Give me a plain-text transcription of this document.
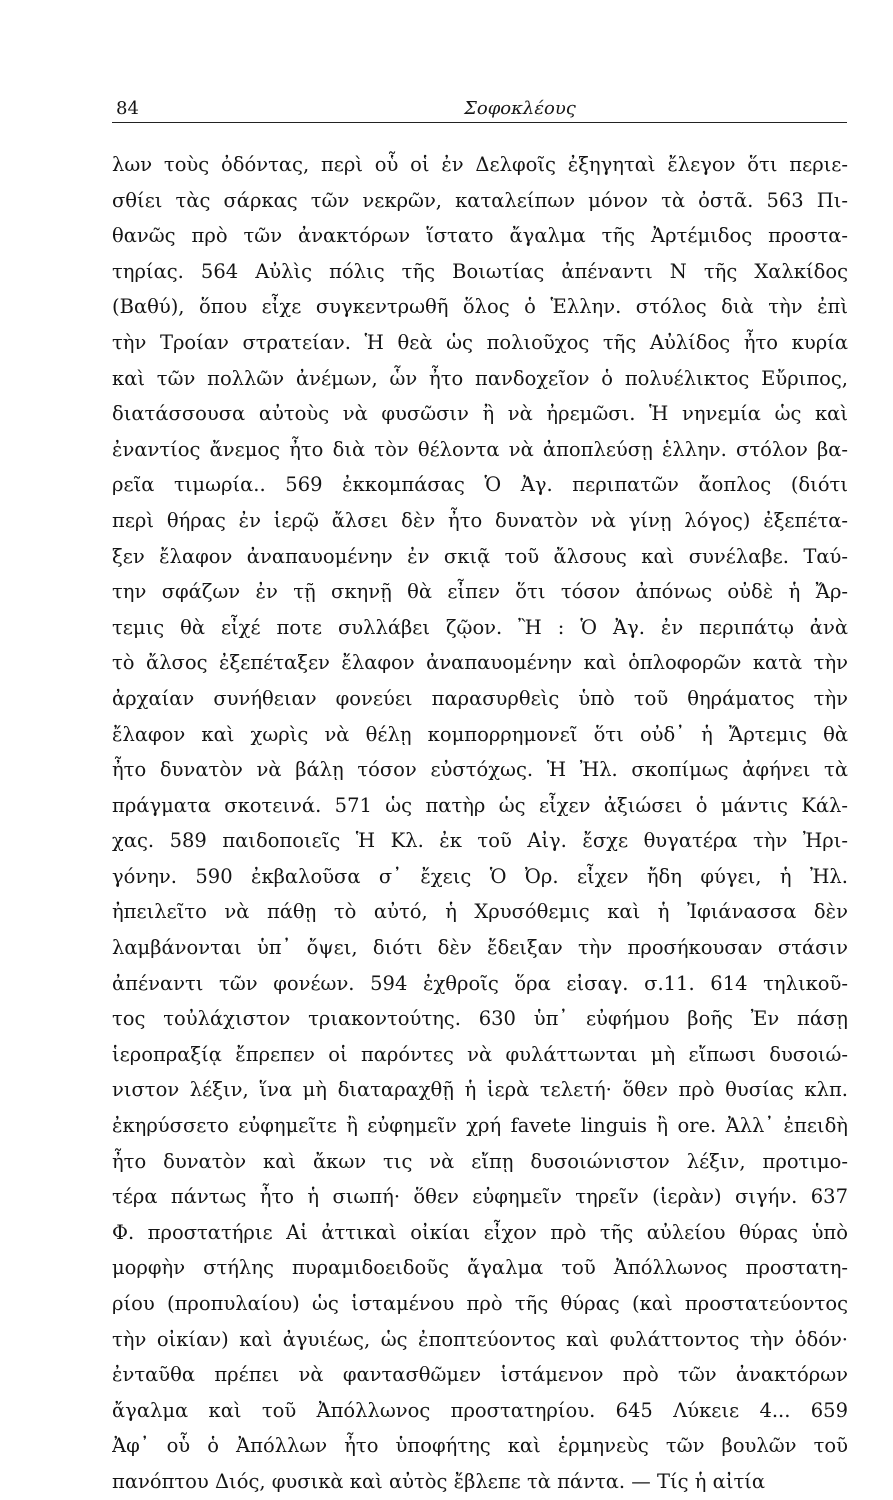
84	Σοφοκλέους
λων τοὺς ὀδόντας, περὶ οὗ οἱ ἐν Δελφοῖς ἐξηγηταὶ ἔλεγον ὅτι περιε-
σθίει τὰς σάρκας τῶν νεκρῶν, καταλείπων μόνον τὰ ὀστᾶ. 563 Πι-
θανῶς πρὸ τῶν ἀνακτόρων ἵστατο ἄγαλμα τῆς Ἀρτέμιδος προστα-
τηρίας. 564 Αὐλὶς πόλις τῆς Βοιωτίας ἀπέναντι Ν τῆς Χαλκίδος
(Βαθύ), ὅπου εἶχε συγκεντρωθῆ ὅλος ὁ Ἑλλην. στόλος διὰ τὴν ἐπὶ
τὴν Τροίαν στρατείαν. Ἡ θεὰ ὡς πολιοῦχος τῆς Αὐλίδος ἦτο κυρία
καὶ τῶν πολλῶν ἀνέμων, ὧν ἦτο πανδοχεῖον ὁ πολυέλικτος Εὔριπος,
διατάσσουσα αὐτοὺς νὰ φυσῶσιν ἢ νὰ ἠρεμῶσι. Ἡ νηνεμία ὡς καὶ
ἐναντίος ἄνεμος ἦτο διὰ τὸν θέλοντα νὰ ἀποπλεύσῃ ἑλλην. στόλον βα-
ρεῖα τιμωρία.. 569 ἐκκομπάσας Ὁ Ἀγ. περιπατῶν ἄοπλος (διότι
περὶ θήρας ἐν ἱερῷ ἄλσει δὲν ἦτο δυνατὸν νὰ γίνῃ λόγος) ἐξεπέτα-
ξεν ἔλαφον ἀναπαυομένην ἐν σκιᾷ τοῦ ἄλσους καὶ συνέλαβε. Ταύ-
την σφάζων ἐν τῇ σκηνῇ θὰ εἶπεν ὅτι τόσον ἀπόνως οὐδὲ ἡ Ἄρ-
τεμις θὰ εἶχέ ποτε συλλάβει ζῷον. Ἢ : Ὁ Ἀγ. ἐν περιπάτῳ ἀνὰ
τὸ ἄλσος ἐξεπέταξεν ἔλαφον ἀναπαυομένην καὶ ὁπλοφορῶν κατὰ τὴν
ἀρχαίαν συνήθειαν φονεύει παρασυρθεὶς ὑπὸ τοῦ θηράματος τὴν
ἔλαφον καὶ χωρὶς νὰ θέλῃ κομπορρημονεῖ ὅτι οὐδ᾽ ἡ Ἄρτεμις θὰ
ἦτο δυνατὸν νὰ βάλῃ τόσον εὐστόχως. Ἡ Ἠλ. σκοπίμως ἀφήνει τὰ
πράγματα σκοτεινά. 571 ὡς πατὴρ ὡς εἶχεν ἀξιώσει ὁ μάντις Κάλ-
χας. 589 παιδοποιεῖς Ἡ Κλ. ἐκ τοῦ Αἰγ. ἔσχε θυγατέρα τὴν Ἠρι-
γόνην. 590 ἐκβαλοῦσα σ᾽ ἔχεις Ὁ Ὀρ. εἶχεν ἤδη φύγει, ἡ Ἠλ.
ἠπειλεῖτο νὰ πάθῃ τὸ αὐτό, ἡ Χρυσόθεμις καὶ ἡ Ἰφιάνασσα δὲν
λαμβάνονται ὑπ᾽ ὄψει, διότι δὲν ἔδειξαν τὴν προσήκουσαν στάσιν
ἀπέναντι τῶν φονέων. 594 ἐχθροῖς ὅρα εἰσαγ. σ.11. 614 τηλικοῦ-
τος τοὐλάχιστον τριακοντούτης. 630 ὑπ᾽ εὐφήμου βοῆς Ἐν πάσῃ
ἱεροπραξίᾳ ἔπρεπεν οἱ παρόντες νὰ φυλάττωνται μὴ εἴπωσι δυσοιώ-
νιστον λέξιν, ἵνα μὴ διαταραχθῇ ἡ ἱερὰ τελετή· ὅθεν πρὸ θυσίας κλπ.
ἐκηρύσσετο εὐφημεῖτε ἢ εὐφημεῖν χρή favete linguis ἢ ore. Ἀλλ᾽ ἐπειδὴ
ἦτο δυνατὸν καὶ ἄκων τις νὰ εἴπῃ δυσοιώνιστον λέξιν, προτιμο-
τέρα πάντως ἦτο ἡ σιωπή· ὅθεν εὐφημεῖν τηρεῖν (ἱερὰν) σιγήν. 637
Φ. προστατήριε Αἱ ἀττικαὶ οἰκίαι εἶχον πρὸ τῆς αὐλείου θύρας ὑπὸ
μορφὴν στήλης πυραμιδοειδοῦς ἄγαλμα τοῦ Ἀπόλλωνος προστατη-
ρίου (προπυλαίου) ὡς ἱσταμένου πρὸ τῆς θύρας (καὶ προστατεύοντος
τὴν οἰκίαν) καὶ ἀγυιέως, ὡς ἐποπτεύοντος καὶ φυλάττοντος τὴν ὁδόν·
ἐνταῦθα πρέπει νὰ φαντασθῶμεν ἱστάμενον πρὸ τῶν ἀνακτόρων
ἄγαλμα καὶ τοῦ Ἀπόλλωνος προστατηρίου. 645 Λύκειε 4... 659
Ἀφ᾽ οὗ ὁ Ἀπόλλων ἦτο ὑποφήτης καὶ ἑρμηνεὺς τῶν βουλῶν τοῦ
πανόπτου Διός, φυσικὰ καὶ αὐτὸς ἔβλεπε τὰ πάντα. — Τίς ἡ αἰτία
